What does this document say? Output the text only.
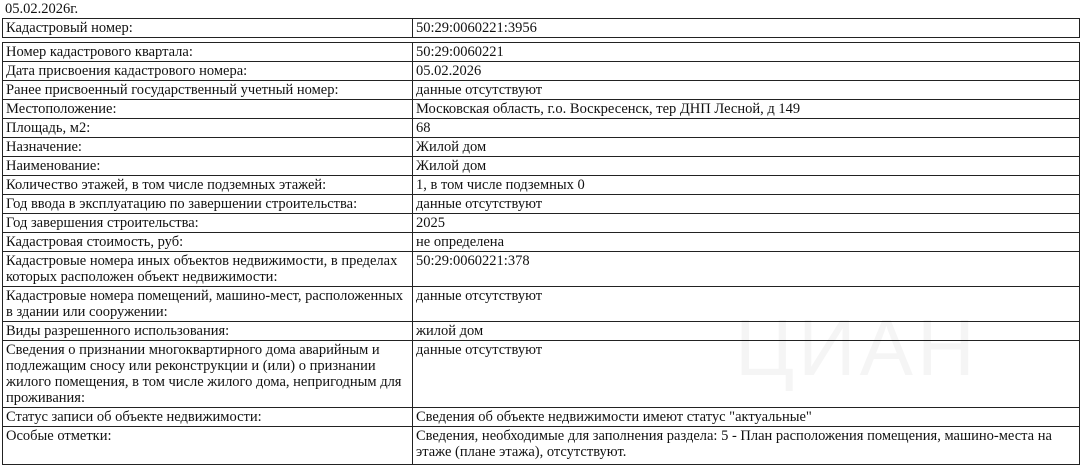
05.02.2026г.
Кадастровый номер:	50:29:0060221:3956
Номер кадастрового квартала:	50:29:0060221
Дата присвоения кадастрового номера:	05.02.2026
Ранее присвоенный государственный учетный номер:	данные отсутствуют
Местоположение:	Московская область, г.о. Воскресенск, тер ДНП Лесной, д 149
Площадь, м2:	68
Назначение:	Жилой дом
Наименование:	Жилой дом
Количество этажей, в том числе подземных этажей:	1, в том числе подземных 0
Год ввода в эксплуатацию по завершении строительства:	данные отсутствуют
Год завершения строительства:	2025
Кадастровая стоимость, руб:	не определена
Кадастровые номера иных объектов недвижимости, в пределах которых расположен объект недвижимости:	50:29:0060221:378
Кадастровые номера помещений, машино-мест, расположенных в здании или сооружении:	данные отсутствуют
Виды разрешенного использования:	жилой дом
Сведения о признании многоквартирного дома аварийным и подлежащим сносу или реконструкции и (или) о признании жилого помещения, в том числе жилого дома, непригодным для проживания:	данные отсутствуют
Статус записи об объекте недвижимости:	Сведения об объекте недвижимости имеют статус "актуальные"
Особые отметки:	Сведения, необходимые для заполнения раздела: 5 - План расположения помещения, машино-места на этаже (плане этажа), отсутствуют.
